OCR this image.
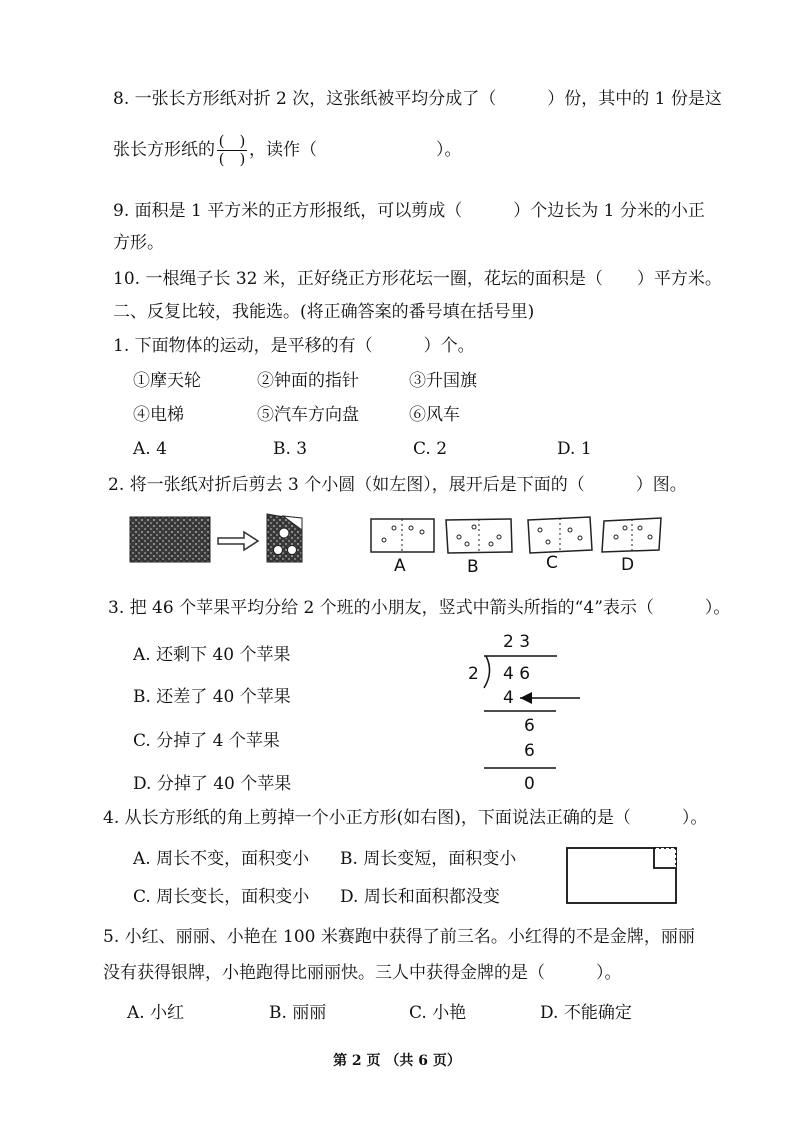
8. 一张长方形纸对折 2 次，这张纸被平均分成了（　　　）份，其中的 1 份是这
张长方形纸的 $\frac{( )}{( )}$ ，读作（　　　　　　　）。
9. 面积是 1 平方米的正方形报纸，可以剪成（　　　）个边长为 1 分米的小正
方形。
10. 一根绳子长 32 米，正好绕正方形花坛一圈，花坛的面积是（　　）平方米。
二、反复比较，我能选。(将正确答案的番号填在括号里)
1. 下面物体的运动，是平移的有（　　　）个。
①摩天轮	②钟面的指针	③升国旗
④电梯	⑤汽车方向盘	⑥风车
A. 4	B. 3	C. 2	D. 1
2. 将一张纸对折后剪去 3 个小圆（如左图），展开后是下面的（　　　）图。
A	B	C	D
3. 把 46 个苹果平均分给 2 个班的小朋友，竖式中箭头所指的“4”表示（　　　）。
A. 还剩下 40 个苹果
B. 还差了 40 个苹果
C. 分掉了 4 个苹果
D. 分掉了 40 个苹果
2 3
2 4 6
4
6
6
0
4. 从长方形纸的角上剪掉一个小正方形(如右图)，下面说法正确的是（　　　）。
A. 周长不变，面积变小 B. 周长变短，面积变小
C. 周长变长，面积变小 D. 周长和面积都没变
5. 小红、丽丽、小艳在 100 米赛跑中获得了前三名。小红得的不是金牌，丽丽
没有获得银牌，小艳跑得比丽丽快。三人中获得金牌的是（　　　）。
A. 小红	B. 丽丽	C. 小艳	D. 不能确定
第 2 页 （共 6 页）
